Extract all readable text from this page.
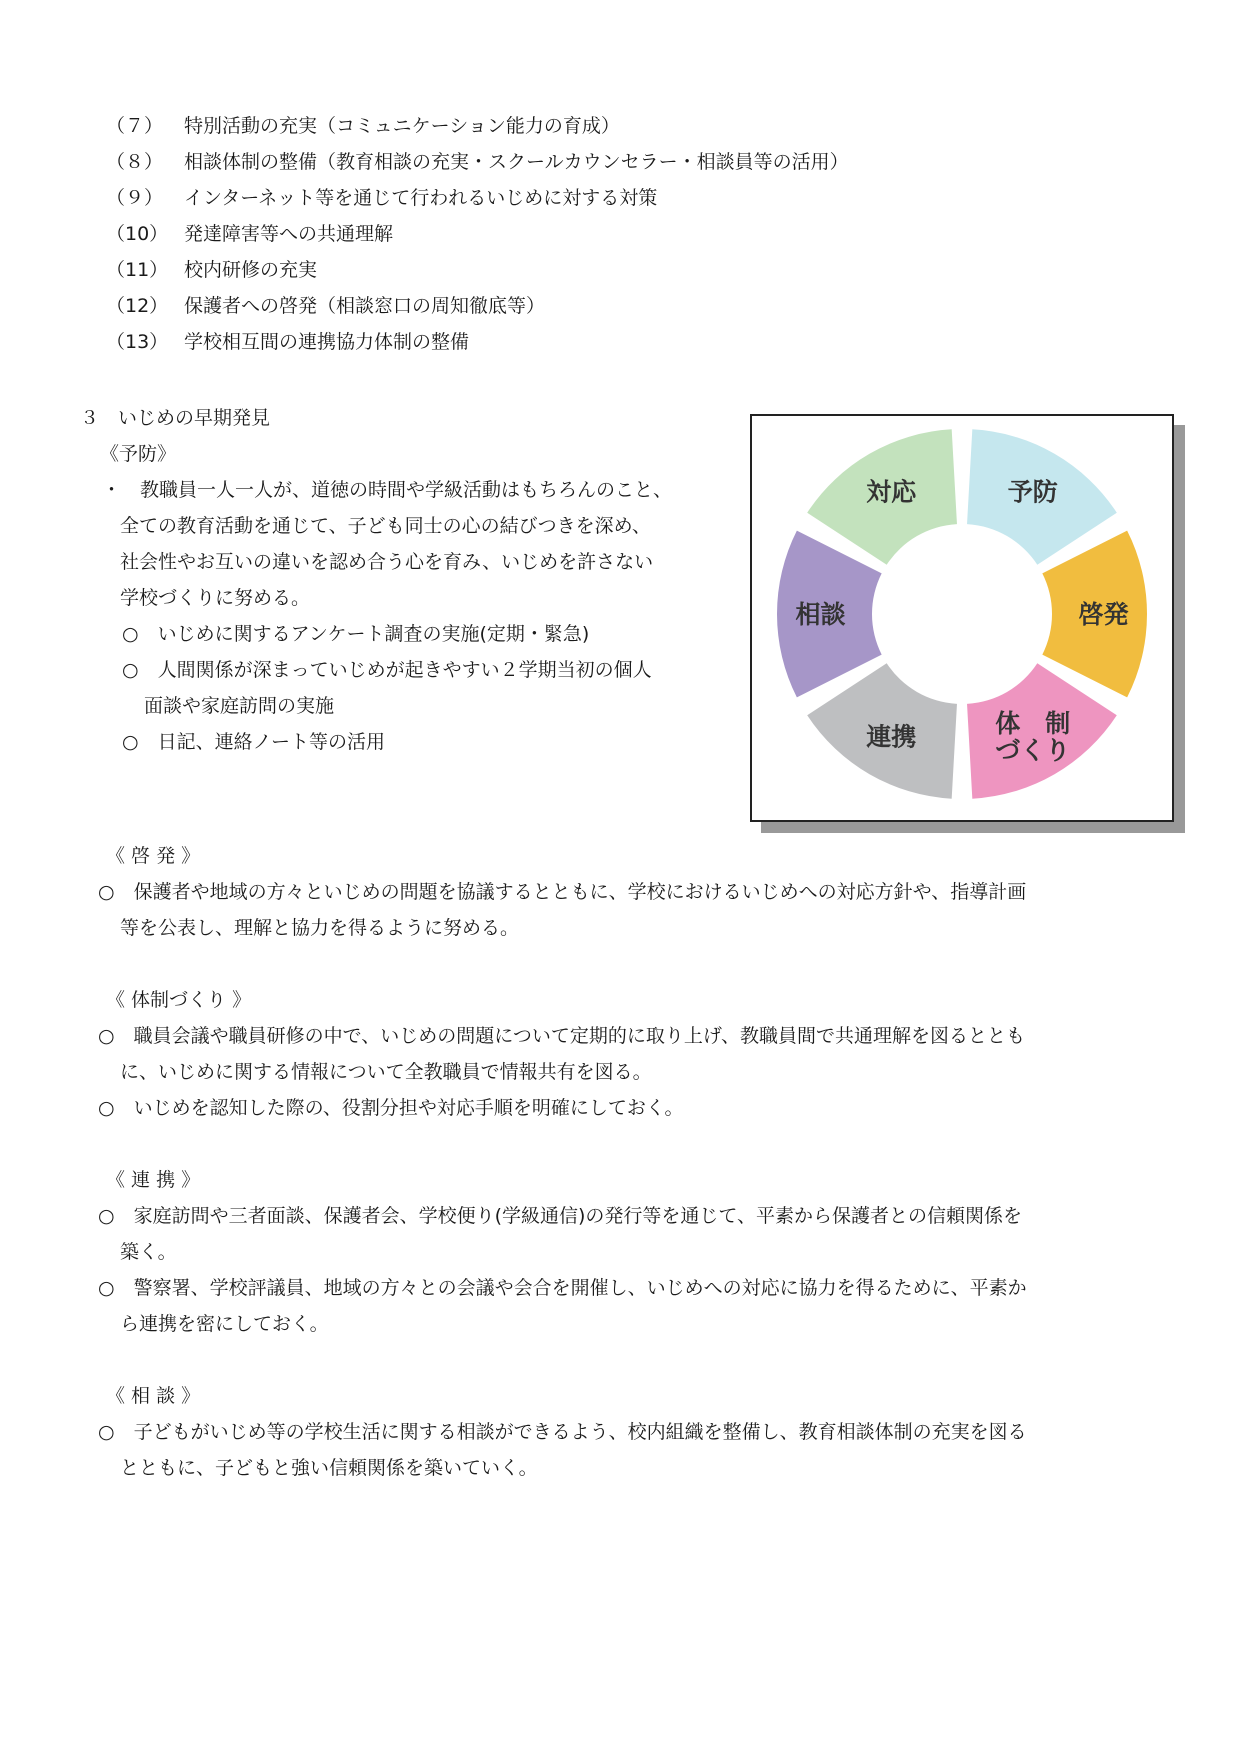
（７） 特別活動の充実（コミュニケーション能力の育成）
（８） 相談体制の整備（教育相談の充実・スクールカウンセラー・相談員等の活用）
（９） インターネット等を通じて行われるいじめに対する対策
（10） 発達障害等への共通理解
（11） 校内研修の充実
（12） 保護者への啓発（相談窓口の周知徹底等）
（13） 学校相互間の連携協力体制の整備
３　いじめの早期発見
《予防》
・　教職員一人一人が、道徳の時間や学級活動はもちろんのこと、
全ての教育活動を通じて、子ども同士の心の結びつきを深め、
社会性やお互いの違いを認め合う心を育み、いじめを許さない
学校づくりに努める。
○　いじめに関するアンケート調査の実施(定期・緊急)
○　人間関係が深まっていじめが起きやすい２学期当初の個人
面談や家庭訪問の実施
○　日記、連絡ノート等の活用
予防
啓発
体　制
づくり
連携
相談
対応
《 啓 発 》
○　保護者や地域の方々といじめの問題を協議するとともに、学校におけるいじめへの対応方針や、指導計画
等を公表し、理解と協力を得るように努める。
《 体制づくり 》
○　職員会議や職員研修の中で、いじめの問題について定期的に取り上げ、教職員間で共通理解を図るととも
に、いじめに関する情報について全教職員で情報共有を図る。
○　いじめを認知した際の、役割分担や対応手順を明確にしておく。
《 連 携 》
○　家庭訪問や三者面談、保護者会、学校便り(学級通信)の発行等を通じて、平素から保護者との信頼関係を
築く。
○　警察署、学校評議員、地域の方々との会議や会合を開催し、いじめへの対応に協力を得るために、平素か
ら連携を密にしておく。
《 相 談 》
○　子どもがいじめ等の学校生活に関する相談ができるよう、校内組織を整備し、教育相談体制の充実を図る
とともに、子どもと強い信頼関係を築いていく。
